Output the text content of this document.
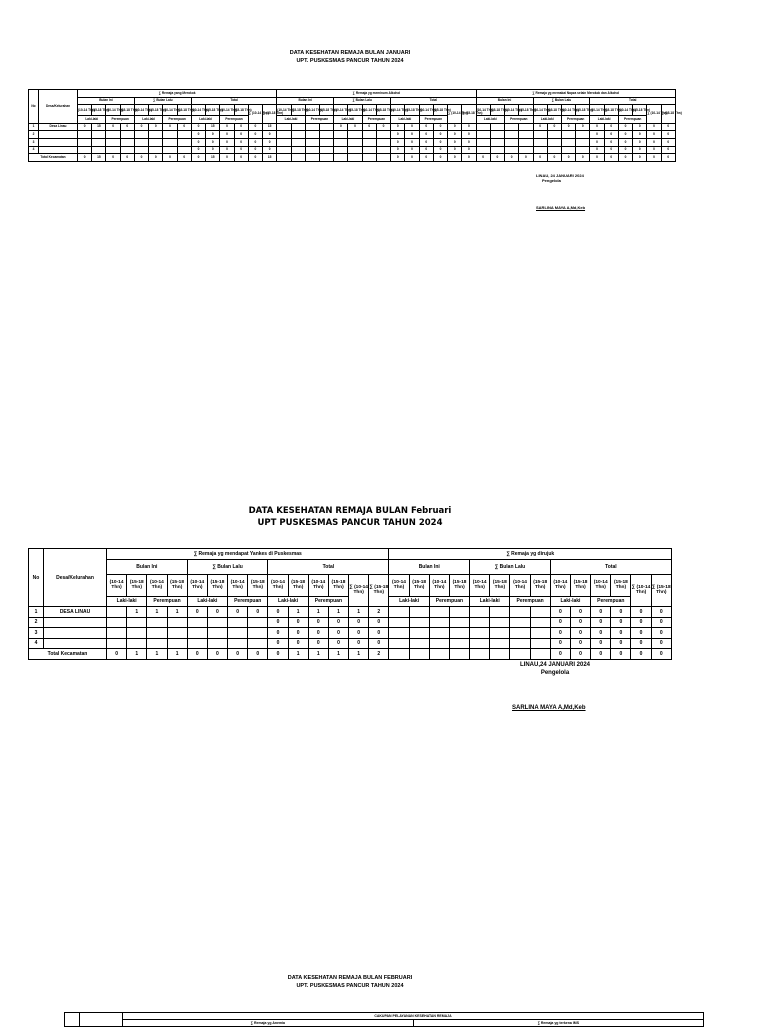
DATA KESEHATAN REMAJA BULAN JANUARI
UPT. PUSKESMAS PANCUR TAHUN 2024
No	Desa/Kelurahan	∑ Remaja yang Merokok														∑ Remaja yg meminum Alkohol														∑ Remaja yg memakai Napza selain Merokok dan Alkohol													
		Bulan Ini				∑ Bulan Lalu				Total						Bulan Ini				∑ Bulan Lalu				Total						Bulan Ini				∑ Bulan Lalu				Total					
		(10-14 Thn)	(15-18 Thn)	(10-14 Thn)	(15-18 Thn)	(10-14 Thn)	(15-18 Thn)	(10-14 Thn)	(15-18 Thn)	(10-14 Thn)	(15-18 Thn)	(10-14 Thn)	(15-18 Thn)	∑ (10-14 Thn)	∑ (15-18 Thn)	(10-14 Thn)	(15-18 Thn)	(10-14 Thn)	(15-18 Thn)	(10-14 Thn)	(15-18 Thn)	(10-14 Thn)	(15-18 Thn)	(10-14 Thn)	(15-18 Thn)	(10-14 Thn)	(15-18 Thn)	∑ (10-14 Thn)	∑ (15-18 Thn)	(10-14 Thn)	(15-18 Thn)	(10-14 Thn)	(15-18 Thn)	(10-14 Thn)	(15-18 Thn)	(10-14 Thn)	(15-18 Thn)	(10-14 Thn)	(15-18 Thn)	(10-14 Thn)	(15-18 Thn)	∑ (10-14 Thn)	∑ (15-18 Thn)

		Laki-laki		Perempuan		Laki-laki		Perempuan		Laki-laki		Perempuan				Laki-laki		Perempuan		Laki-laki		Perempuan		Laki-laki		Perempuan				Laki-laki		Perempuan		Laki-laki		Perempuan		Laki-laki		Perempuan			
1	Desa Linau	0	15	0	0	0	0	0	0	0	15	0	0	0	15					0	0	0	0	0	0	0	0	0	0					0	0	0	0	0	0	0	0	0	0
2										0	0	0	0	0	0									0	0	0	0	0	0									0	0	0	0	0	0
3										0	0	0	0	0	0									0	0	0	0	0	0									0	0	0	0	0	0
4										0	0	0	0	0	0									0	0	0	0	0	0									0	0	0	0	0	0
Total Kecamatan		0	15	0	0	0	0	0	0	0	15	0	0	0	15									0	0	0	0	0	0	0	0	0	0	0	0	0	0	0	0	0	0	0	0
LINAU, 24 JANUARI 2024
Pengelola
SARLINA MAYA A,Md,Keb
DATA KESEHATAN REMAJA BULAN Februari
UPT PUSKESMAS PANCUR TAHUN 2024
No	Desa/Kelurahan	∑ Remaja yg mendapat Yankes di Puskesmas														∑ Remaja yg dirujuk													
		Bulan Ini				∑ Bulan Lalu				Total						Bulan Ini				∑ Bulan Lalu				Total					
		(10-14 Thn)	(15-18 Thn)	(10-14 Thn)	(15-18 Thn)	(10-14 Thn)	(15-18 Thn)	(10-14 Thn)	(15-18 Thn)	(10-14 Thn)	(15-18 Thn)	(10-14 Thn)	(15-18 Thn)	∑ (10-14 Thn)	∑ (15-18 Thn)	(10-14 Thn)	(15-18 Thn)	(10-14 Thn)	(15-18 Thn)	(10-14 Thn)	(15-18 Thn)	(10-14 Thn)	(15-18 Thn)	(10-14 Thn)	(15-18 Thn)	(10-14 Thn)	(15-18 Thn)	∑ (10-14 Thn)	∑ (15-18 Thn)

		Laki-laki		Perempuan		Laki-laki		Perempuan		Laki-laki		Perempuan				Laki-laki		Perempuan		Laki-laki		Perempuan		Laki-laki		Perempuan			
1	DESA LINAU		1	1	1	0	0	0	0	0	1	1	1	1	2									0	0	0	0	0	0
2										0	0	0	0	0	0									0	0	0	0	0	0
3										0	0	0	0	0	0									0	0	0	0	0	0
4										0	0	0	0	0	0									0	0	0	0	0	0
Total Kecamatan		0	1	1	1	0	0	0	0	0	1	1	1	1	2									0	0	0	0	0	0
LINAU,24 JANUARI 2024
Pengelola
SARLINA MAYA A,Md,Keb
DATA KESEHATAN REMAJA BULAN FEBRUARI
UPT. PUSKESMAS PANCUR TAHUN 2024
		CAKUPAN PELAYANAN KESEHATAN REMAJA	
		∑ Remaja yg Anemia	∑ Remaja yg terkena IMS
